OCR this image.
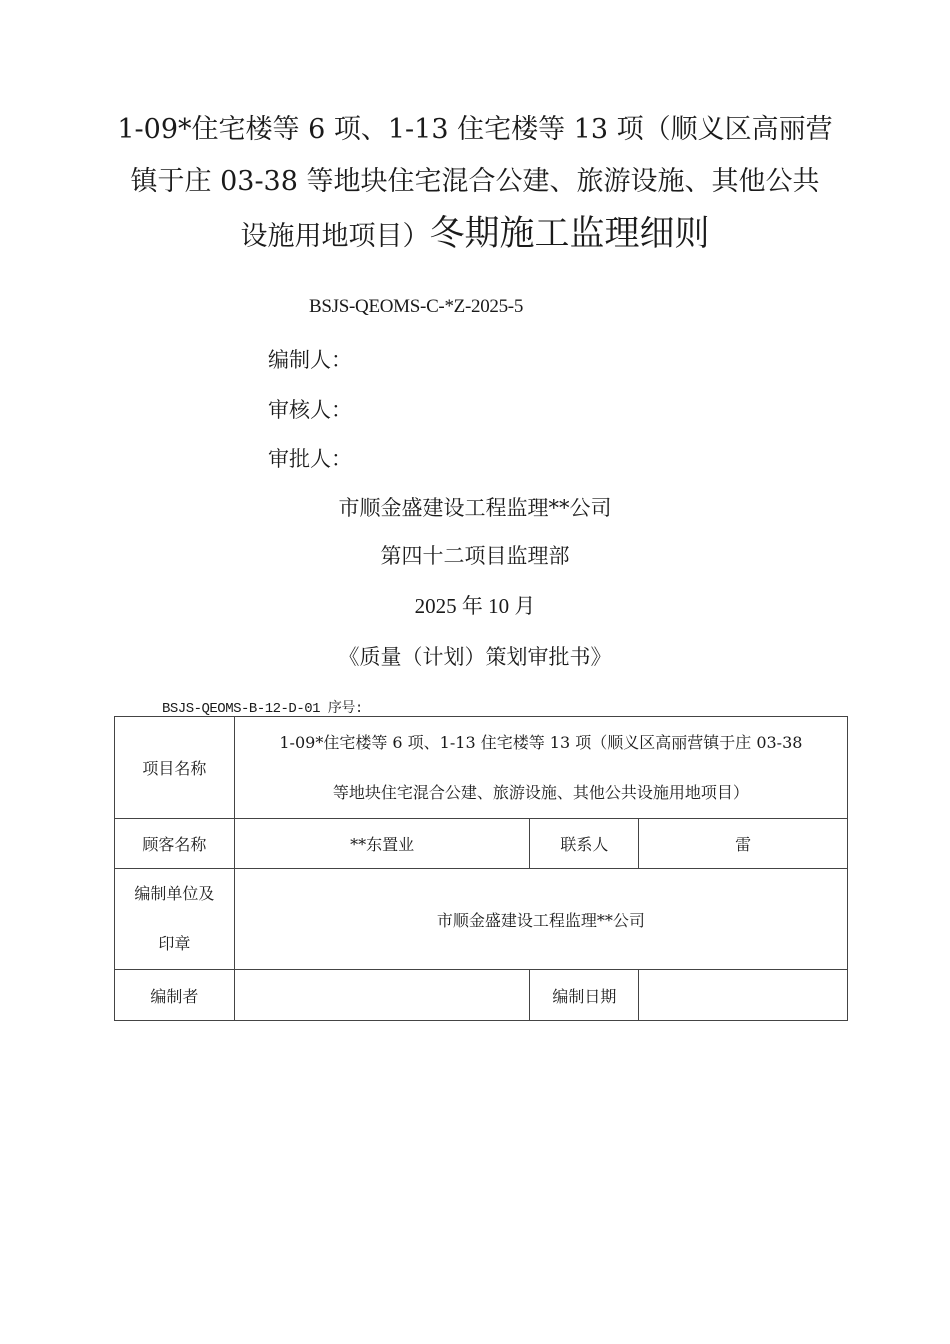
1-09*住宅楼等 6 项、1-13 住宅楼等 13 项（顺义区高丽营
镇于庄 03-38 等地块住宅混合公建、旅游设施、其他公共
设施用地项目）冬期施工监理细则
BSJS-QEOMS-C-*Z-2025-5
编制人：
审核人：
审批人：
市顺金盛建设工程监理**公司
第四十二项目监理部
2025 年 10 月
《质量（计划）策划审批书》
BSJS-QEOMS-B-12-D-01 序号:
项目名称	1-09*住宅楼等 6 项、1-13 住宅楼等 13 项（顺义区高丽营镇于庄 03-38
等地块住宅混合公建、旅游设施、其他公共设施用地项目）		

顾客名称	**东置业	联系人	雷

编制单位及
印章	市顺金盛建设工程监理**公司		
编制者		编制日期	
